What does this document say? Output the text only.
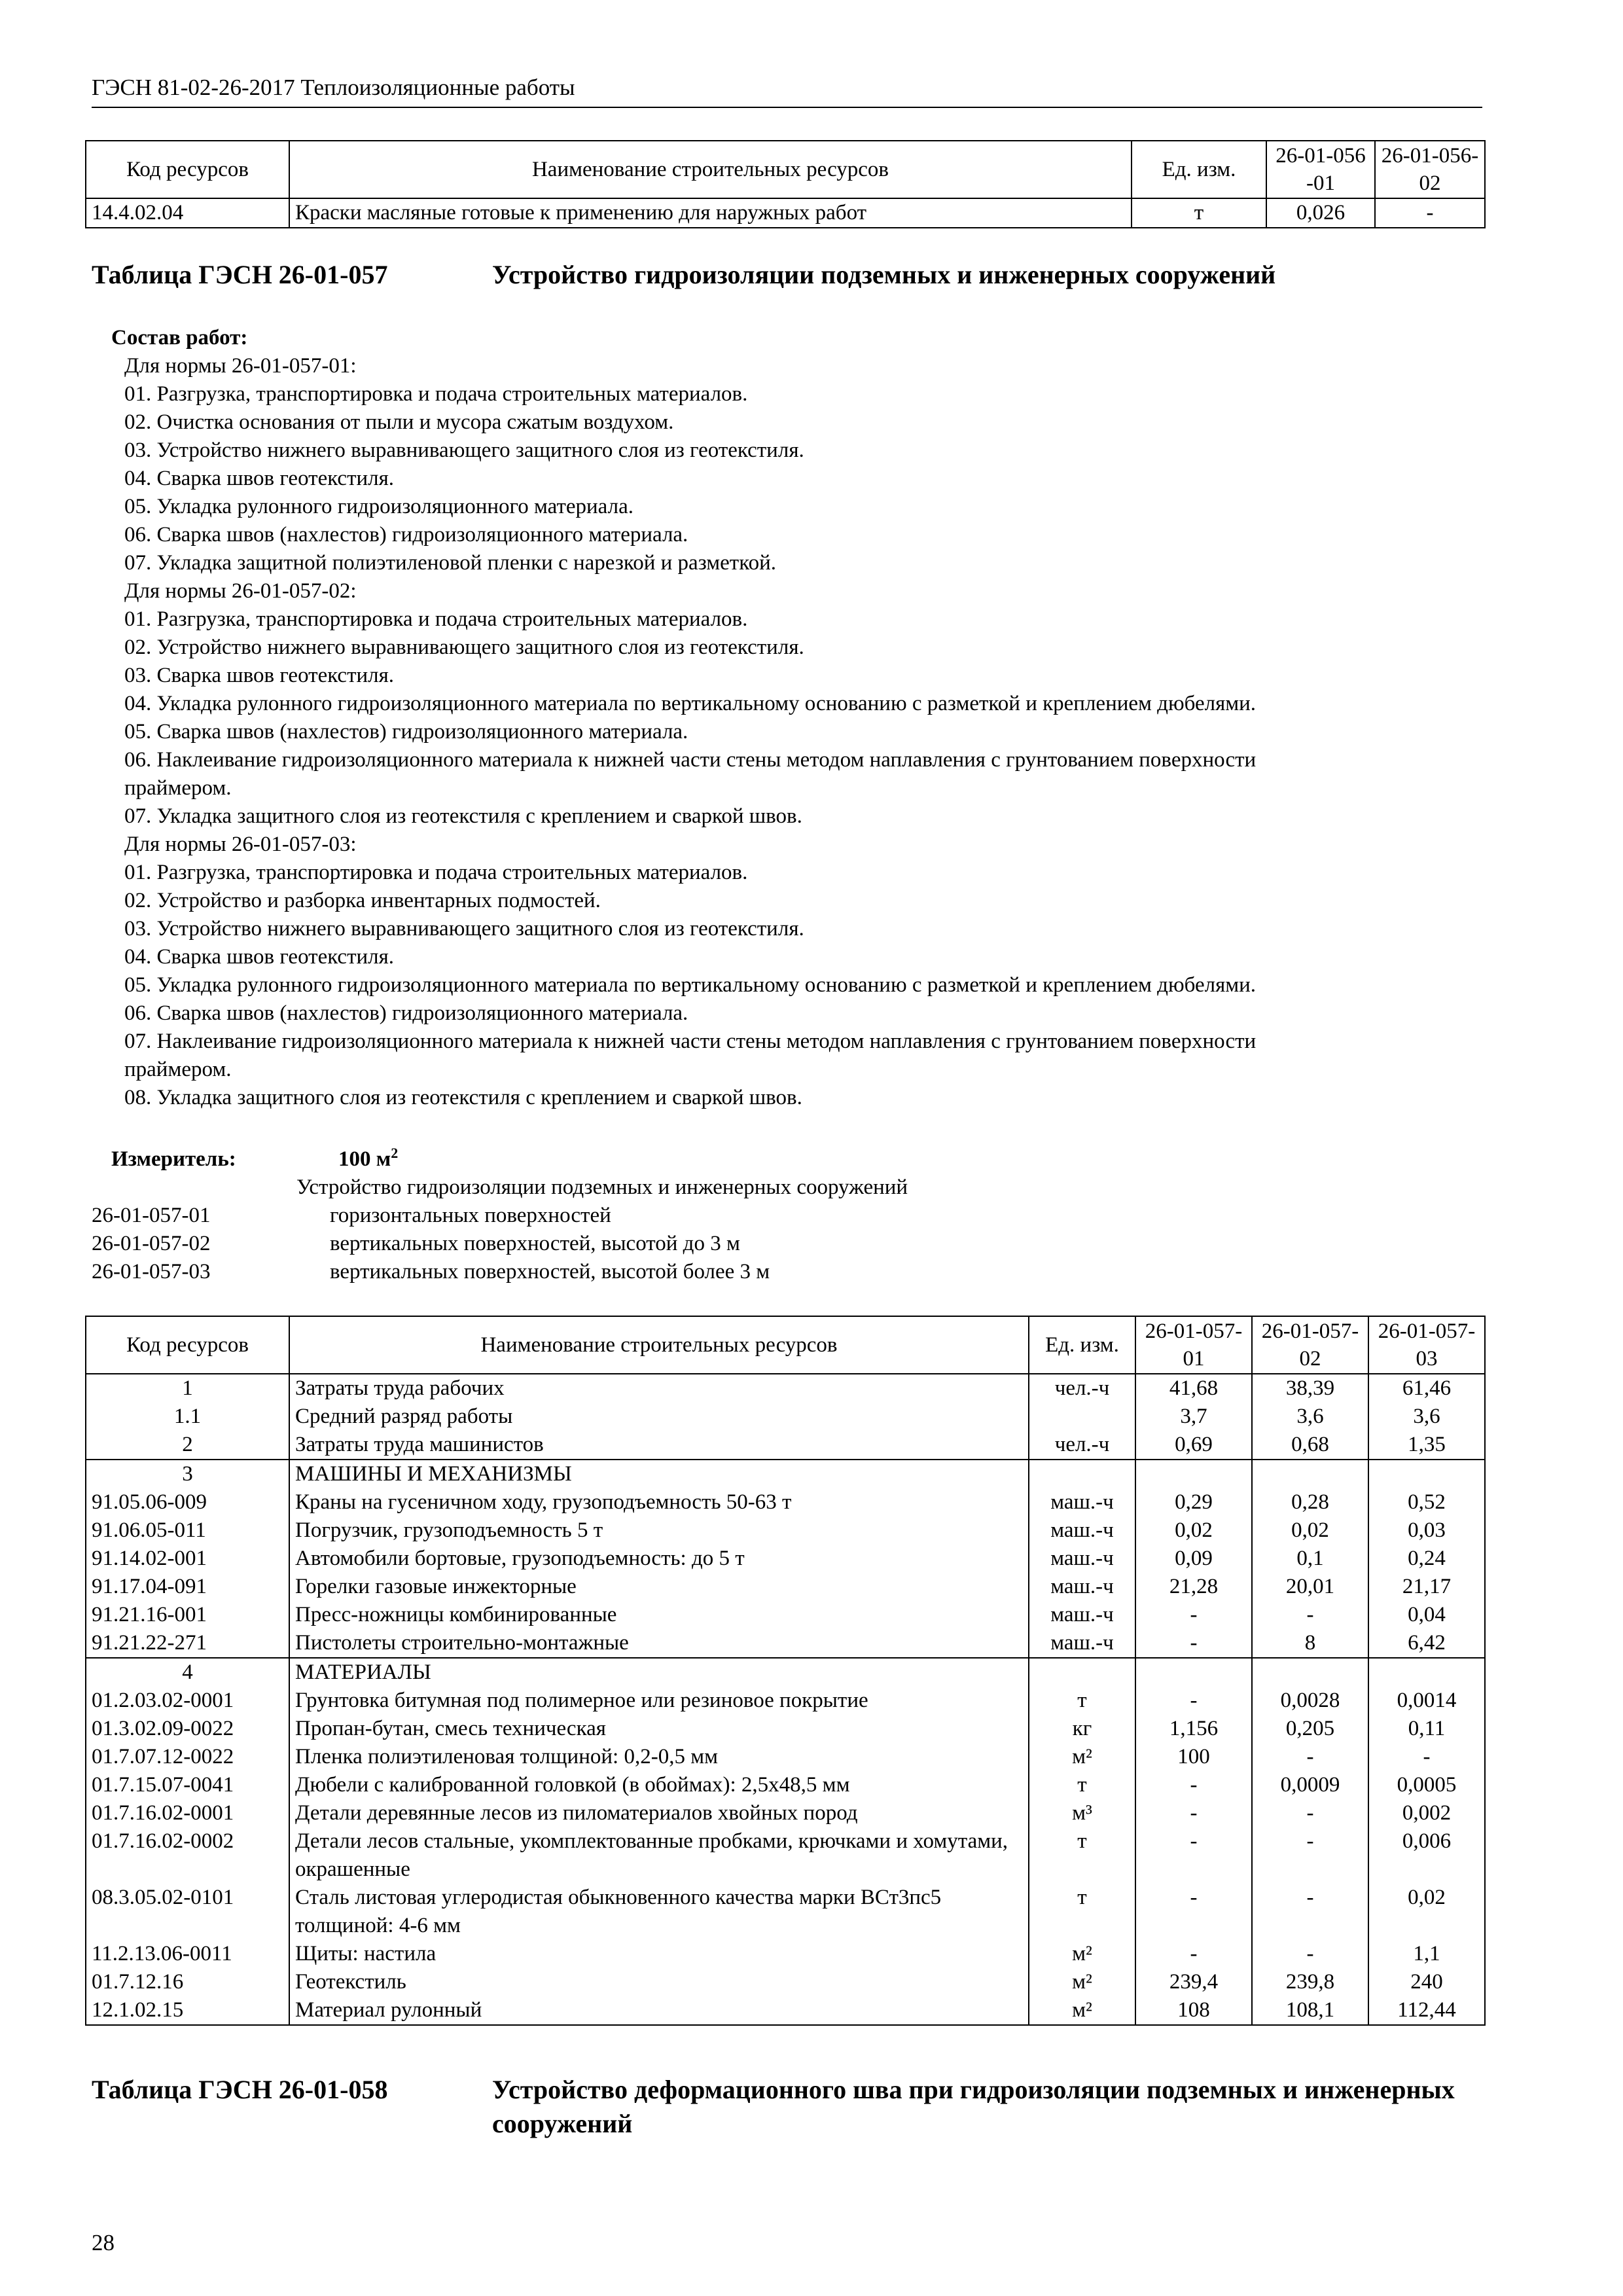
ГЭСН 81-02-26-2017 Теплоизоляционные работы
Код ресурсов	Наименование строительных ресурсов	Ед. изм.	26-01-056-01	26-01-056-02
14.4.02.04	Краски масляные готовые к применению для наружных работ	т	0,026	-
Таблица ГЭСН 26-01-057	Устройство гидроизоляции подземных и инженерных сооружений
Состав работ:
Для нормы 26-01-057-01:
01. Разгрузка, транспортировка и подача строительных материалов.
02. Очистка основания от пыли и мусора сжатым воздухом.
03. Устройство нижнего выравнивающего защитного слоя из геотекстиля.
04. Сварка швов геотекстиля.
05. Укладка рулонного гидроизоляционного материала.
06. Сварка швов (нахлестов) гидроизоляционного материала.
07. Укладка защитной полиэтиленовой пленки с нарезкой и разметкой.
Для нормы 26-01-057-02:
01. Разгрузка, транспортировка и подача строительных материалов.
02. Устройство нижнего выравнивающего защитного слоя из геотекстиля.
03. Сварка швов геотекстиля.
04. Укладка рулонного гидроизоляционного материала по вертикальному основанию с разметкой и креплением дюбелями.
05. Сварка швов (нахлестов) гидроизоляционного материала.
06. Наклеивание гидроизоляционного материала к нижней части стены методом наплавления с грунтованием поверхности
праймером.
07. Укладка защитного слоя из геотекстиля с креплением и сваркой швов.
Для нормы 26-01-057-03:
01. Разгрузка, транспортировка и подача строительных материалов.
02. Устройство и разборка инвентарных подмостей.
03. Устройство нижнего выравнивающего защитного слоя из геотекстиля.
04. Сварка швов геотекстиля.
05. Укладка рулонного гидроизоляционного материала по вертикальному основанию с разметкой и креплением дюбелями.
06. Сварка швов (нахлестов) гидроизоляционного материала.
07. Наклеивание гидроизоляционного материала к нижней части стены методом наплавления с грунтованием поверхности
праймером.
08. Укладка защитного слоя из геотекстиля с креплением и сваркой швов.
Измеритель:	100 $м^2$
Устройство гидроизоляции подземных и инженерных сооружений
26-01-057-01	горизонтальных поверхностей
26-01-057-02	вертикальных поверхностей, высотой до 3 м
26-01-057-03	вертикальных поверхностей, высотой более 3 м
Код ресурсов	Наименование строительных ресурсов	Ед. изм.	26-01-057-01	26-01-057-02	26-01-057-03
1	Затраты труда рабочих	чел.-ч	41,68	38,39	61,46
1.1	Средний разряд работы		3,7	3,6	3,6
2	Затраты труда машинистов	чел.-ч	0,69	0,68	1,35
3	МАШИНЫ И МЕХАНИЗМЫ				
91.05.06-009	Краны на гусеничном ходу, грузоподъемность 50-63 т	маш.-ч	0,29	0,28	0,52
91.06.05-011	Погрузчик, грузоподъемность 5 т	маш.-ч	0,02	0,02	0,03
91.14.02-001	Автомобили бортовые, грузоподъемность: до 5 т	маш.-ч	0,09	0,1	0,24
91.17.04-091	Горелки газовые инжекторные	маш.-ч	21,28	20,01	21,17
91.21.16-001	Пресс-ножницы комбинированные	маш.-ч	-	-	0,04
91.21.22-271	Пистолеты строительно-монтажные	маш.-ч	-	8	6,42
4	МАТЕРИАЛЫ				
01.2.03.02-0001	Грунтовка битумная под полимерное или резиновое покрытие	т	-	0,0028	0,0014
01.3.02.09-0022	Пропан-бутан, смесь техническая	кг	1,156	0,205	0,11
01.7.07.12-0022	Пленка полиэтиленовая толщиной: 0,2-0,5 мм	м²	100	-	-
01.7.15.07-0041	Дюбели с калиброванной головкой (в обоймах): 2,5х48,5 мм	т	-	0,0009	0,0005
01.7.16.02-0001	Детали деревянные лесов из пиломатериалов хвойных пород	м³	-	-	0,002
01.7.16.02-0002	Детали лесов стальные, укомплектованные пробками, крючками и хомутами, окрашенные	т	-	-	0,006
08.3.05.02-0101	Сталь листовая углеродистая обыкновенного качества марки ВСт3пс5 толщиной: 4-6 мм	т	-	-	0,02
11.2.13.06-0011	Щиты: настила	м²	-	-	1,1
01.7.12.16	Геотекстиль	м²	239,4	239,8	240
12.1.02.15	Материал рулонный	м²	108	108,1	112,44
Таблица ГЭСН 26-01-058	Устройство деформационного шва при гидроизоляции подземных и инженерных сооружений
28
